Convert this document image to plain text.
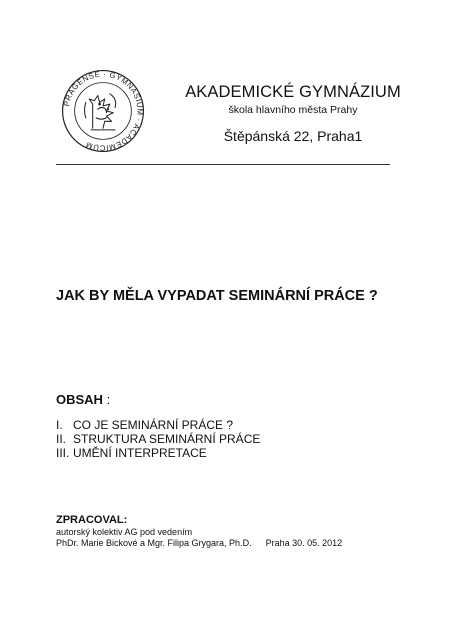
PRAGENSE · GYMNASIUM · ACADEMICUM
AKADEMICKÉ GYMNÁZIUM
škola hlavního města Prahy
Štěpánská 22, Praha1
JAK BY MĚLA VYPADAT SEMINÁRNÍ PRÁCE ?
OBSAH :
I. CO JE SEMINÁRNÍ PRÁCE ?
II. STRUKTURA SEMINÁRNÍ PRÁCE
III. UMĚNÍ INTERPRETACE
ZPRACOVAL:
autorský kolektiv AG pod vedením
PhDr. Marie Bickové a Mgr. Filipa Grygara, Ph.D. Praha 30. 05. 2012
